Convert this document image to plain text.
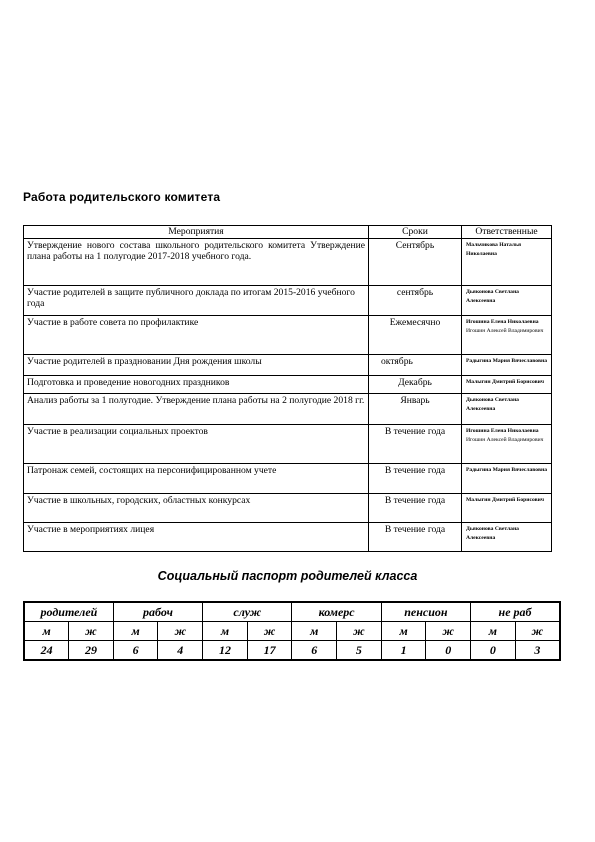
Работа родительского комитета
Мероприятия	Сроки	Ответственные
Утверждение нового состава школьного родительского комитета Утверждение плана работы на 1 полугодие 2017-2018 учебного года.	Сентябрь	Мальчикова Наталья Николаевна
Участие родителей в защите публичного доклада по итогам 2015-2016 учебного года	сентябрь	Дьяконова Светлана Алексеевна
Участие в работе совета по профилактике	Ежемесячно	Игошина Елена Николаевна
Игошин Алексей Владимирович

Участие родителей в праздновании Дня рождения школы	октябрь	Радыгина Мария Вячеславовна
Подготовка и проведение новогодних праздников	Декабрь	Малыгин Дмитрий Борисович
Анализ работы за 1 полугодие. Утверждение плана работы на 2 полугодие 2018 гг.	Январь	Дьяконова Светлана Алексеевна
Участие в реализации социальных проектов	В течение года	Игошина Елена Николаевна
Игошин Алексей Владимирович

Патронаж семей, состоящих на персонифицированном учете	В течение года	Радыгина Мария Вячеславовна
Участие в школьных, городских, областных конкурсах	В течение года	Малыгин Дмитрий Борисович
Участие в мероприятиях лицея	В течение года	Дьяконова Светлана Алексеевна
Социальный паспорт родителей класса
родителей		рабоч		служ		комерс		пенсион		не раб	
м	ж	м	ж	м	ж	м	ж	м	ж	м	ж
24	29	6	4	12	17	6	5	1	0	0	3
